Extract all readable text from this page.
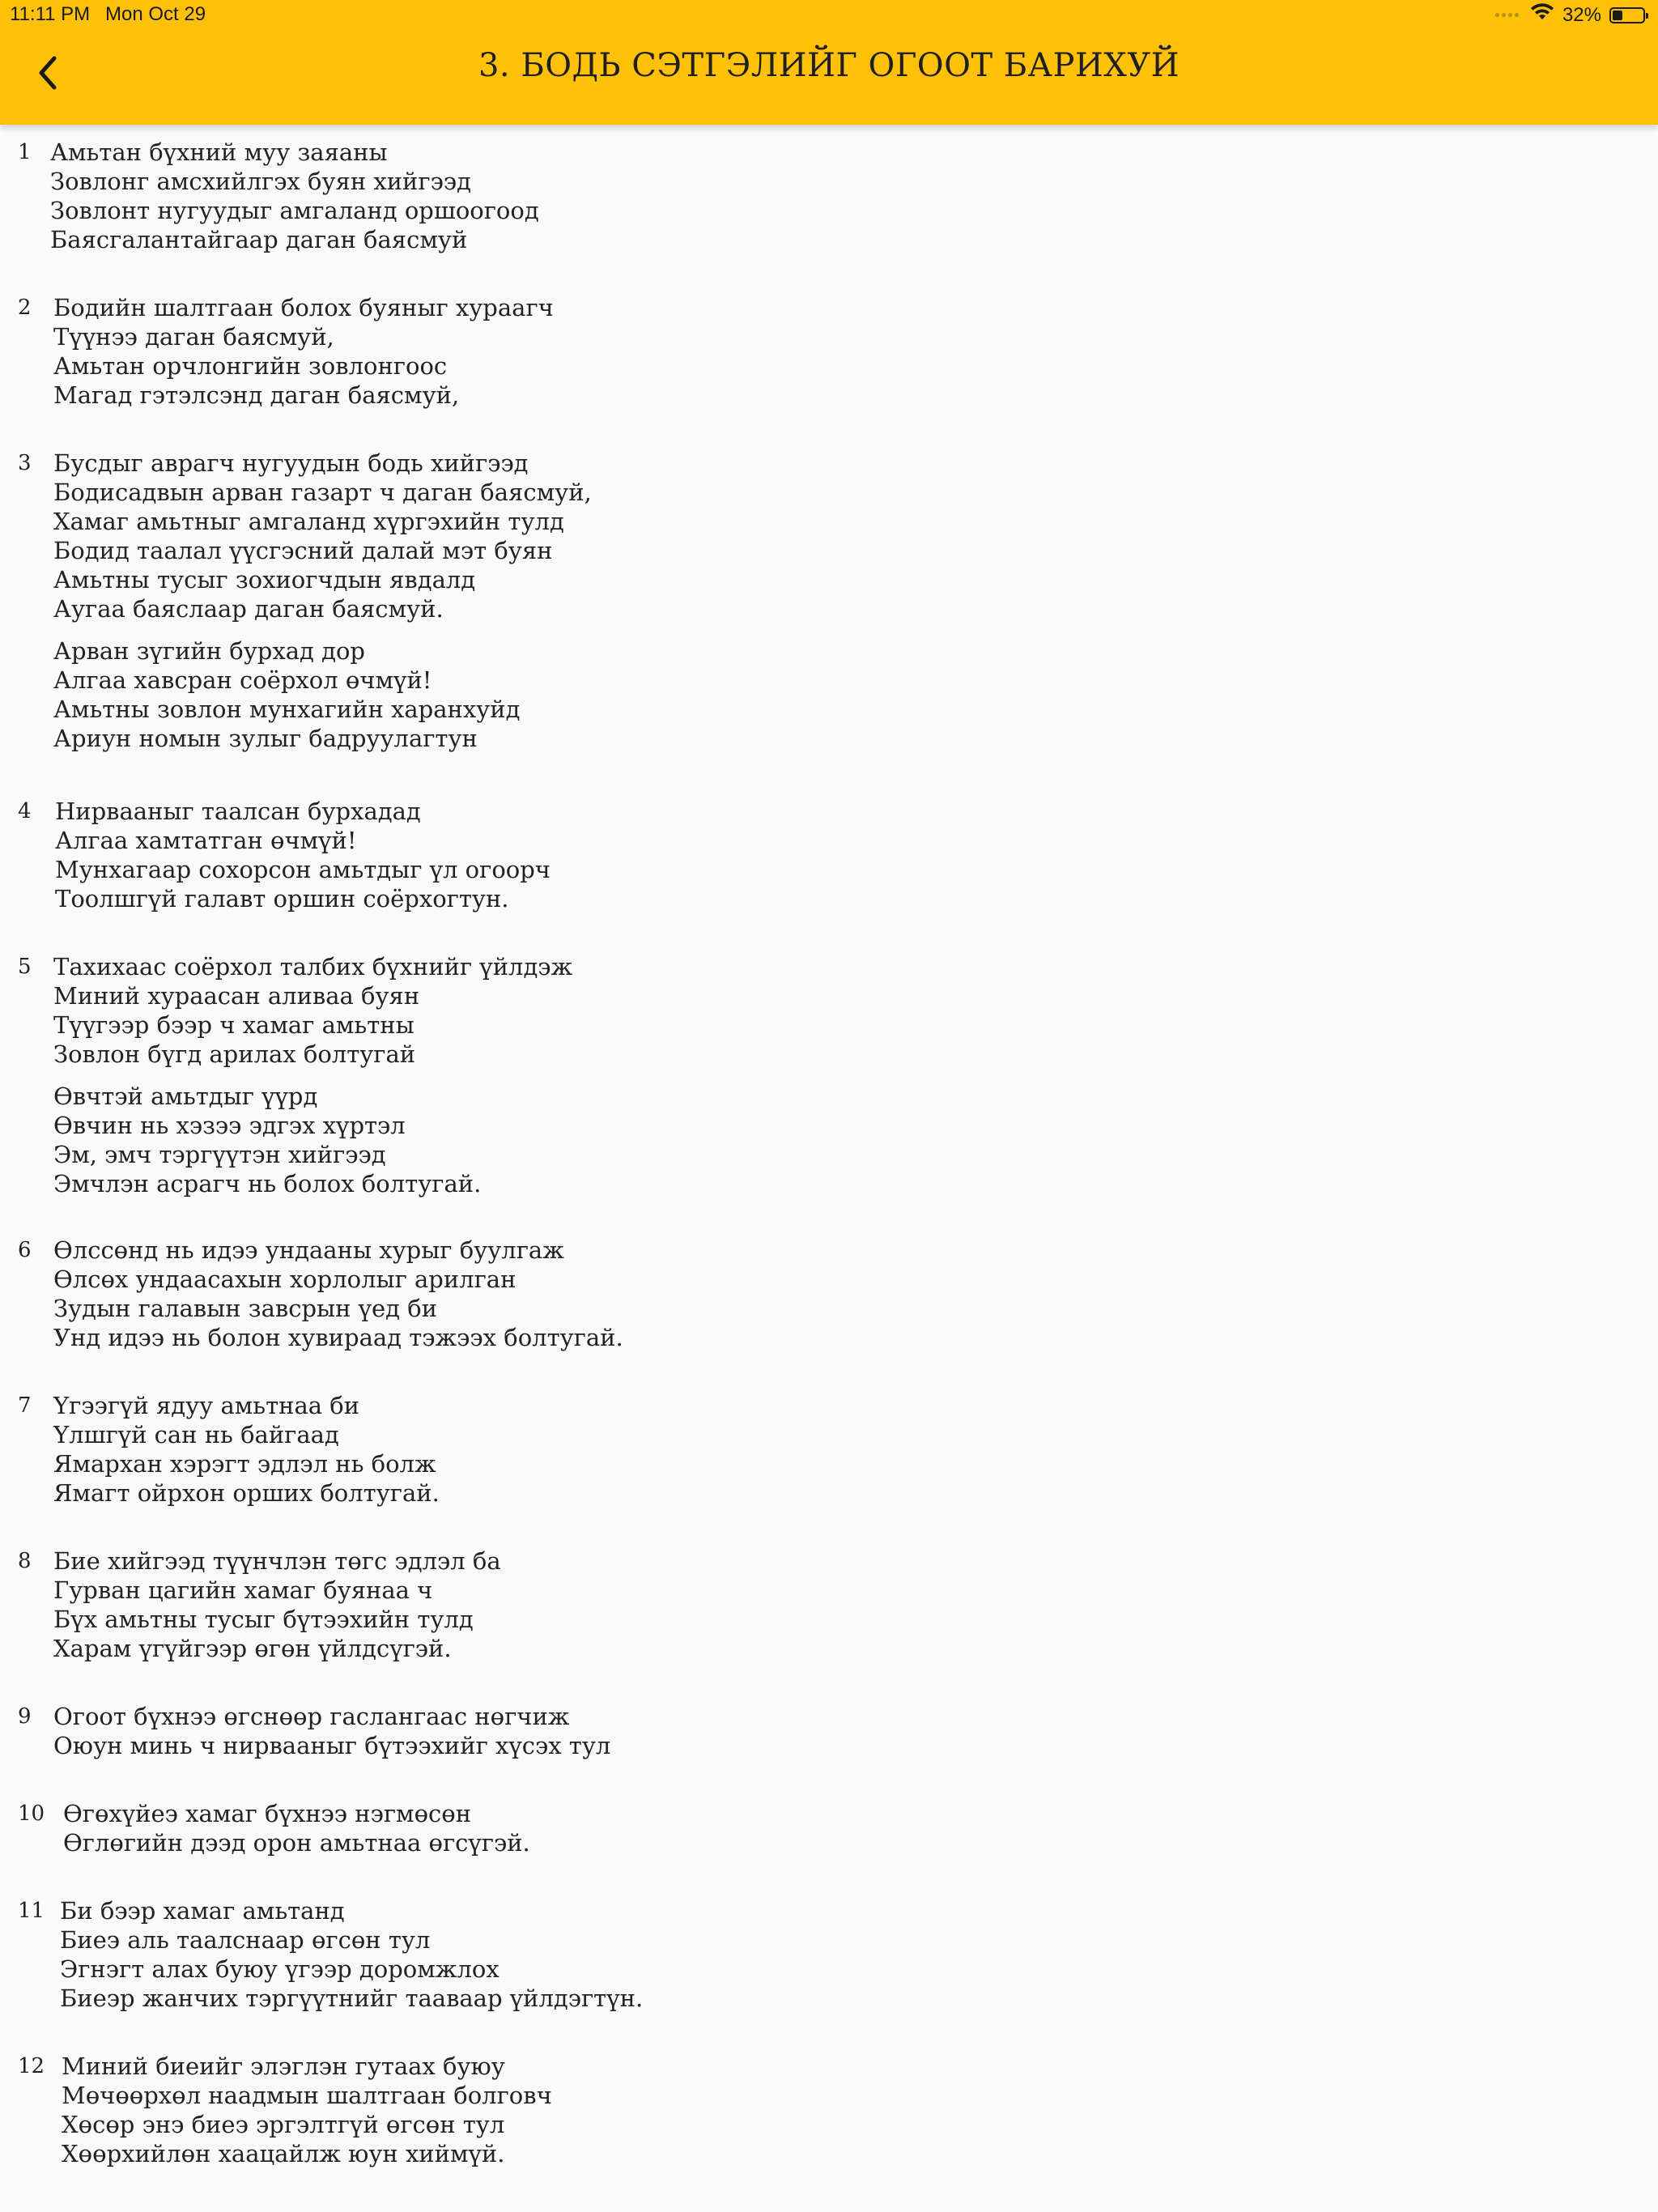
11:11 PM Mon Oct 29	32%
3. БОДЬ СЭТГЭЛИЙГ ОГООТ БАРИХУЙ
1 Амьтан бүхний муу заяаны
Зовлонг амсхийлгэх буян хийгээд
Зовлонт нугуудыг амгаланд оршоогоод
Баясгалантайгаар даган баясмуй
2 Бодийн шалтгаан болох буяныг хураагч
Түүнээ даган баясмуй,
Амьтан орчлонгийн зовлонгоос
Магад гэтэлсэнд даган баясмуй,
3 Бусдыг аврагч нугуудын бодь хийгээд
Бодисадвын арван газарт ч даган баясмуй,
Хамаг амьтныг амгаланд хүргэхийн тулд
Бодид таалал үүсгэсний далай мэт буян
Амьтны тусыг зохиогчдын явдалд
Аугаа баяслаар даган баясмуй.
Арван зүгийн бурхад дор
Алгаа хавсран соёрхол өчмүй!
Амьтны зовлон мунхагийн харанхуйд
Ариун номын зулыг бадруулагтун
4	Нирваaныг таалсан бурхадад
Алгаа хамтатган өчмүй!
Мунхагаар сохорсон амьтдыг үл огоорч
Тоолшгүй галавт оршин соёрхогтун.
5 Тахихаас соёрхол талбих бүхнийг үйлдэж
Миний хураасан аливаа буян
Түүгээр бээр ч хамаг амьтны
Зовлон бүгд арилах болтугай
Өвчтэй амьтдыг үүрд
Өвчин нь хэзээ эдгэх хүртэл
Эм, эмч тэргүүтэн хийгээд
Эмчлэн асрагч нь болох болтугай.
6 Өлссөнд нь идээ ундааны хурыг буулгаж
Өлсөх ундаасахын хорлолыг арилган
Зудын галавын завсрын үед би
Унд идээ нь болон хувираад тэжээх болтугай.
7 Үгээгүй ядуу амьтнаа би
Үлшгүй сан нь байгаад
Ямархан хэрэгт эдлэл нь болж
Ямагт ойрхон орших болтугай.
8 Бие хийгээд түүнчлэн төгс эдлэл ба
Гурван цагийн хамаг буянаа ч
Бүх амьтны тусыг бүтээхийн тулд
Харам үгүйгээр өгөн үйлдсүгэй.
9 Огоот бүхнээ өгснөөр гаслангаас нөгчиж
Оюун минь ч нирваaныг бүтээхийг хүсэх тул
10 Өгөхүйеэ хамаг бүхнээ нэгмөсөн
Өглөгийн дээд орон амьтнаа өгсүгэй.
11 Би бээр хамаг амьтанд
Биеэ аль таалснаар өгсөн тул
Эгнэгт алах буюу үгээр доромжлох
Биеэр жанчих тэргүүтнийг таавaар үйлдэгтүн.
12 Миний биеийг элэглэн гутаах буюу
Мөчөөрхөл наадмын шалтгаан болговч
Хөсөр энэ биеэ эргэлтгүй өгсөн тул
Хөөрхийлөн хаацайлж юун хиймүй.
